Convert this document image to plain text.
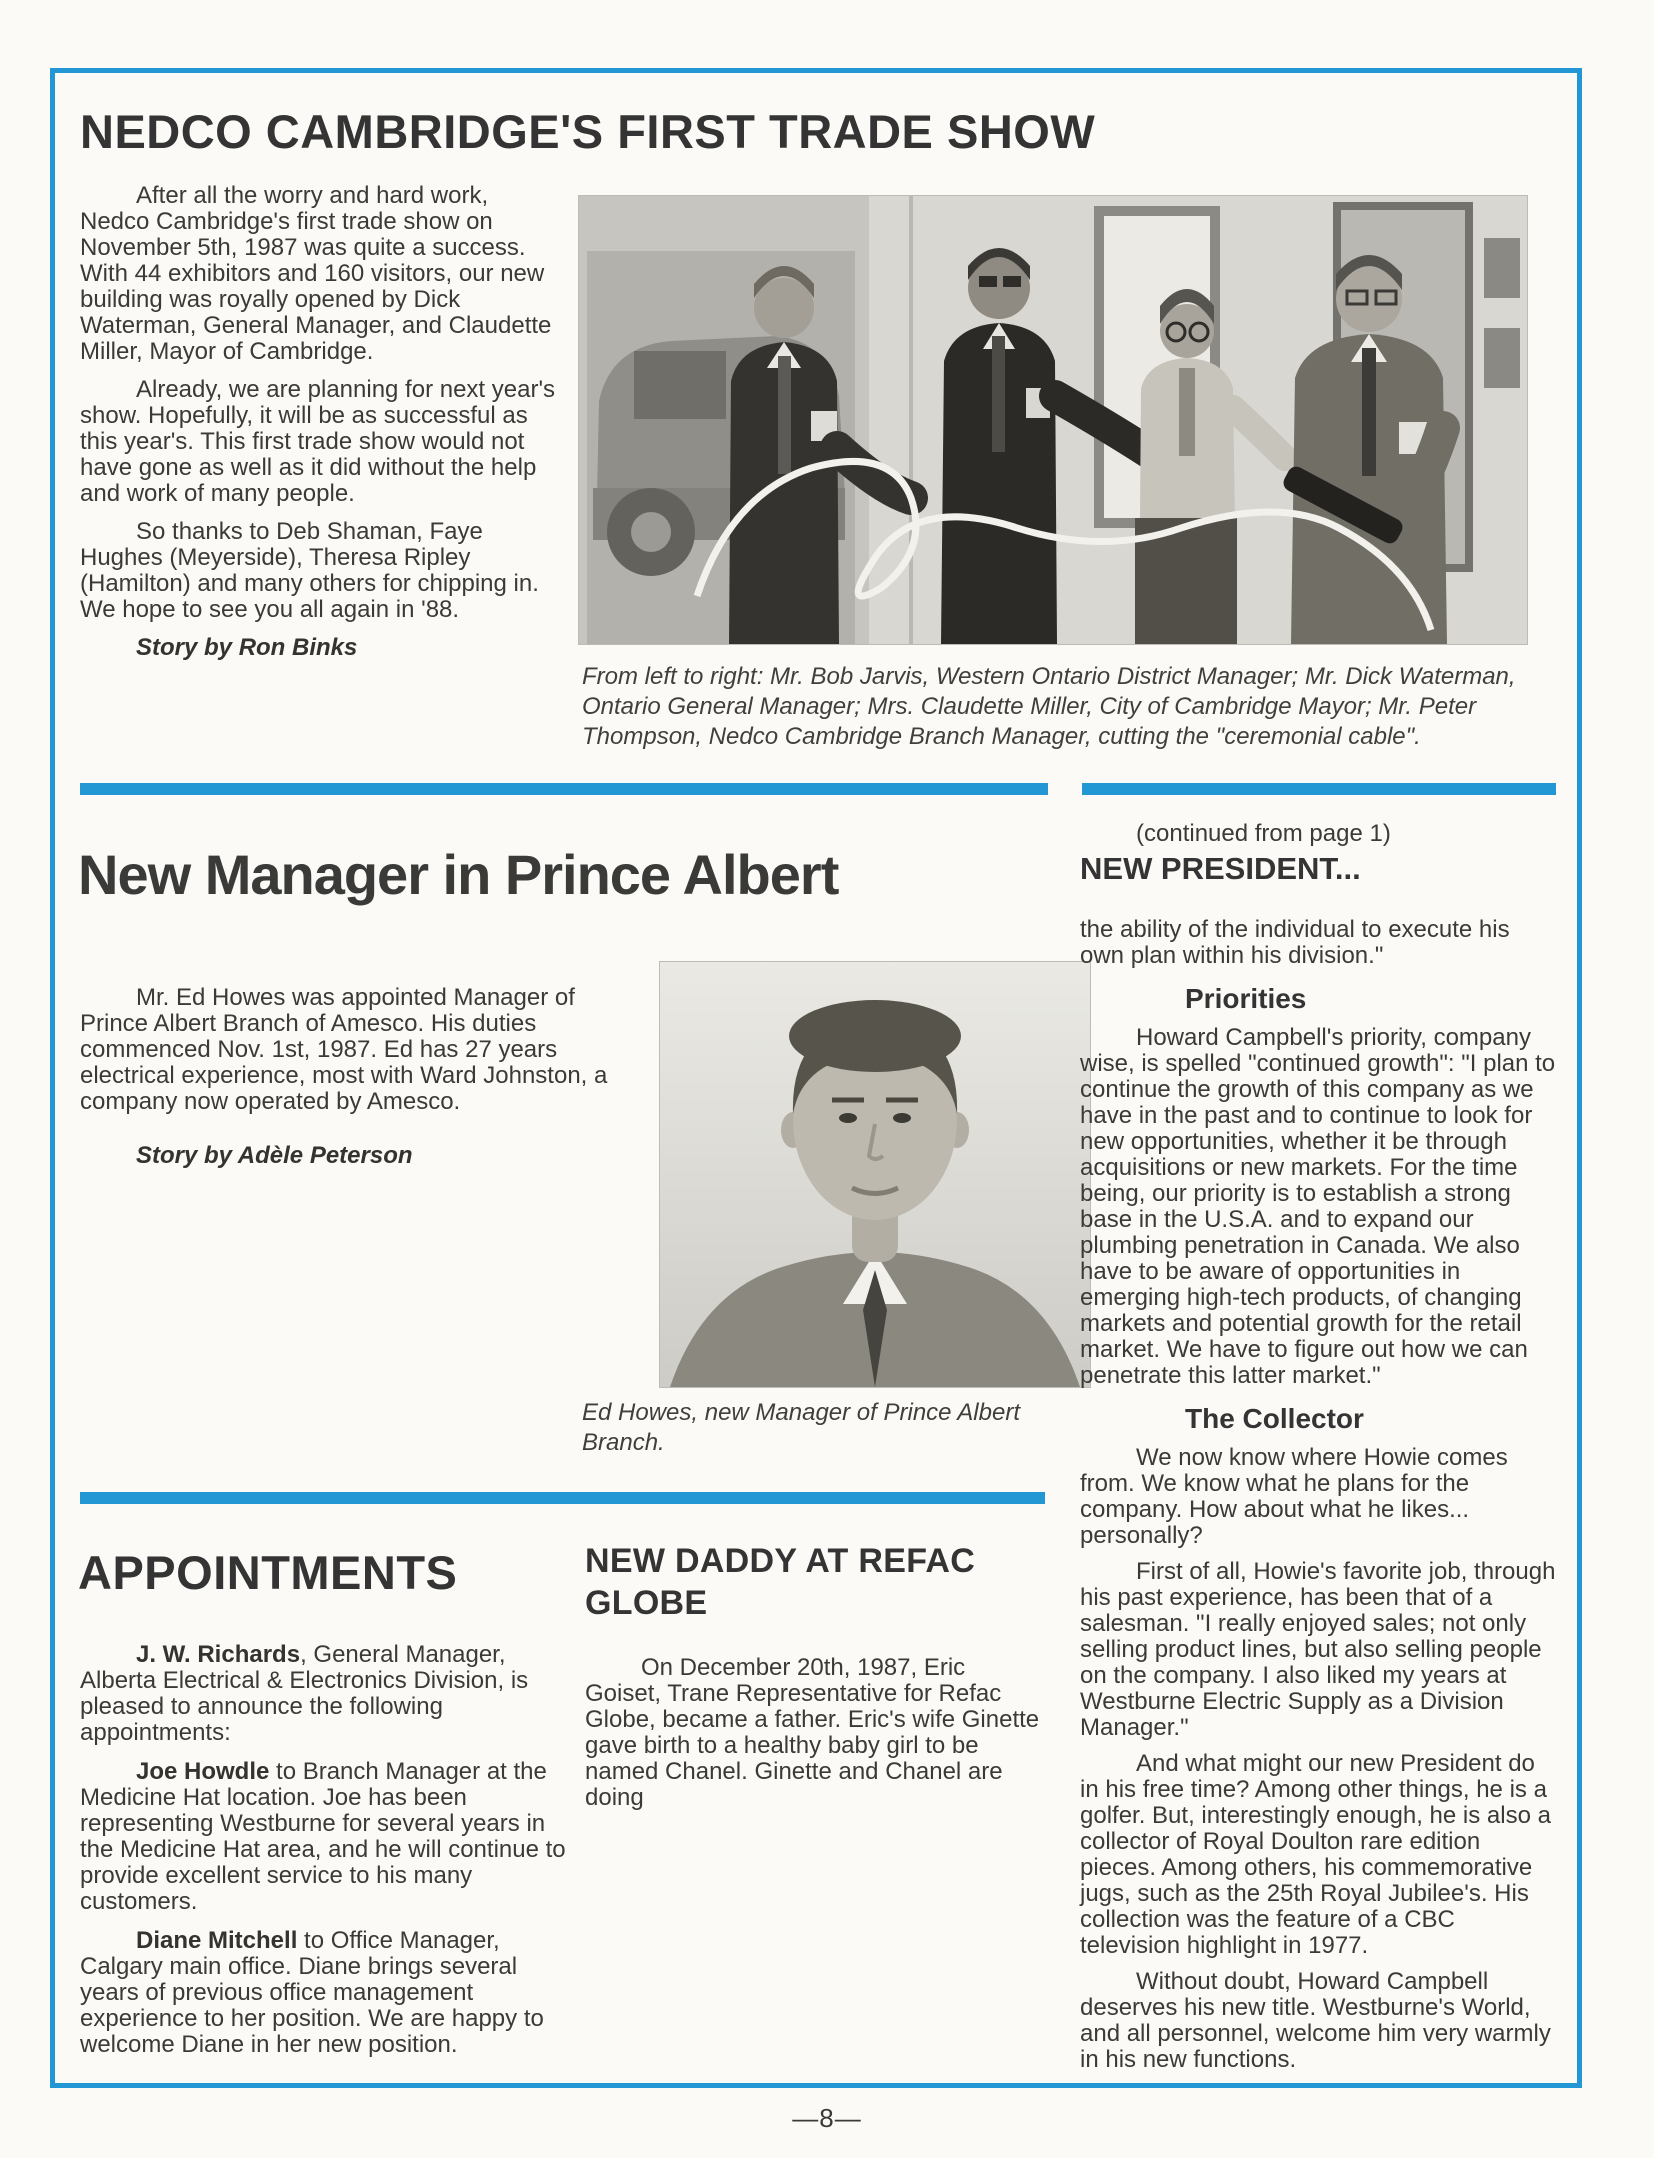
NEDCO CAMBRIDGE'S FIRST TRADE SHOW

After all the worry and hard work, Nedco Cambridge's first trade show on November 5th, 1987 was quite a success. With 44 exhibitors and 160 visitors, our new building was royally opened by Dick Waterman, General Manager, and Claudette Miller, Mayor of Cambridge.

Already, we are planning for next year's show. Hopefully, it will be as successful as this year's. This first trade show would not have gone as well as it did without the help and work of many people.

So thanks to Deb Shaman, Faye Hughes (Meyerside), Theresa Ripley (Hamilton) and many others for chipping in. We hope to see you all again in '88.

Story by Ron Binks

From left to right: Mr. Bob Jarvis, Western Ontario District Manager; Mr. Dick Waterman, Ontario General Manager; Mrs. Claudette Miller, City of Cambridge Mayor; Mr. Peter Thompson, Nedco Cambridge Branch Manager, cutting the "ceremonial cable".
New Manager in Prince Albert

Mr. Ed Howes was appointed Manager of Prince Albert Branch of Amesco. His duties commenced Nov. 1st, 1987. Ed has 27 years electrical experience, most with Ward Johnston, a company now operated by Amesco.

Story by Adèle Peterson

Ed Howes, new Manager of Prince Albert Branch.

(continued from page 1)

NEW PRESIDENT...

the ability of the individual to execute his own plan within his division."

Priorities

Howard Campbell's priority, company wise, is spelled "continued growth": "I plan to continue the growth of this company as we have in the past and to continue to look for new opportunities, whether it be through acquisitions or new markets. For the time being, our priority is to establish a strong base in the U.S.A. and to expand our plumbing penetration in Canada. We also have to be aware of opportunities in emerging high-tech products, of changing markets and potential growth for the retail market. We have to figure out how we can penetrate this latter market."

The Collector

We now know where Howie comes from. We know what he plans for the company. How about what he likes... personally?

First of all, Howie's favorite job, through his past experience, has been that of a salesman. "I really enjoyed sales; not only selling product lines, but also selling people on the company. I also liked my years at Westburne Electric Supply as a Division Manager."

And what might our new President do in his free time? Among other things, he is a golfer. But, interestingly enough, he is also a collector of Royal Doulton rare edition pieces. Among others, his commemorative jugs, such as the 25th Royal Jubilee's. His collection was the feature of a CBC television highlight in 1977.

Without doubt, Howard Campbell deserves his new title. Westburne's World, and all personnel, welcome him very warmly in his new functions.

APPOINTMENTS

J. W. Richards, General Manager, Alberta Electrical & Electronics Division, is pleased to announce the following appointments:

Joe Howdle to Branch Manager at the Medicine Hat location. Joe has been representing Westburne for several years in the Medicine Hat area, and he will continue to provide excellent service to his many customers.

Diane Mitchell to Office Manager, Calgary main office. Diane brings several years of previous office management experience to her position. We are happy to welcome Diane in her new position.

NEW DADDY AT REFAC GLOBE

On December 20th, 1987, Eric Goiset, Trane Representative for Refac Globe, became a father. Eric's wife Ginette gave birth to a healthy baby girl to be named Chanel. Ginette and Chanel are doing

—8—
